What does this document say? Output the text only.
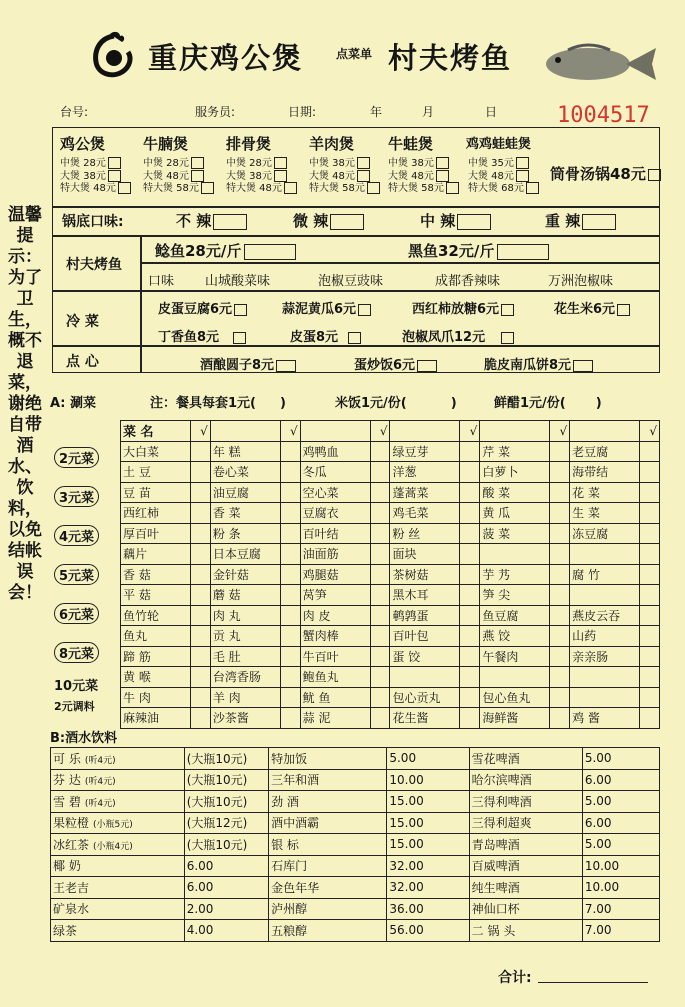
重庆鸡公煲	点菜单 村夫烤鱼
台号:	服务员:	日期:	年	月	日	1004517
温馨提示：为了卫生，概不退菜，谢绝自带酒水、饮料，以免结帐误会！
鸡公煲
中煲 28元
大煲 38元
特大煲 48元
牛腩煲
中煲 28元
大煲 48元
特大煲 58元
排骨煲
中煲 28元
大煲 38元
特大煲 48元
羊肉煲
中煲 38元
大煲 48元
特大煲 58元
牛蛙煲
中煲 38元
大煲 48元
特大煲 58元
鸡鸡蛙蛙煲
中煲 35元
大煲 48元
特大煲 68元
筒骨汤锅48元
锅底口味:	不 辣	微 辣	中 辣	重 辣
村夫烤鱼
鲶鱼28元/斤	黑鱼32元/斤
口味 山城酸菜味	泡椒豆豉味	成都香辣味	万洲泡椒味
冷 菜
皮蛋豆腐6元	蒜泥黄瓜6元	西红柿放糖6元	花生米6元
丁香鱼8元	皮蛋8元	泡椒凤爪12元
点 心	酒酿圆子8元	蛋炒饭6元	脆皮南瓜饼8元
A: 涮菜	注：餐具每套1元( )	米饭1元/份(	)	鲜醋1元/份( )
菜 名	√		√		√		√		√		√
大白菜		年 糕		鸡鸭血		绿豆芽		芹 菜		老豆腐	
土 豆		卷心菜		冬瓜		洋葱		白萝卜		海带结	
豆 苗		油豆腐		空心菜		蓬蒿菜		酸 菜		花 菜	
西红柿		香 菜		豆腐衣		鸡毛菜		黄 瓜		生 菜	
厚百叶		粉 条		百叶结		粉 丝		菠 菜		冻豆腐	
藕片		日本豆腐		油面筋		面块					
香 菇		金针菇		鸡腿菇		茶树菇		芋 艿		腐 竹	
平 菇		蘑 菇		莴笋		黑木耳		笋 尖			
鱼竹轮		肉 丸		肉 皮		鹌鹑蛋		鱼豆腐		燕皮云吞	
鱼丸		贡 丸		蟹肉棒		百叶包		燕 饺		山药	
蹄 筋		毛 肚		牛百叶		蛋 饺		午餐肉		亲亲肠	
黄 喉		台湾香肠		鲍鱼丸							
牛 肉		羊 肉		鱿 鱼		包心贡丸		包心鱼丸			
麻辣油		沙茶酱		蒜 泥		花生酱		海鲜酱		鸡 酱	
2元菜
3元菜
4元菜
5元菜
6元菜
8元菜
10元菜
2元调料
B:酒水饮料
可 乐 (听4元)	(大瓶10元)	特加饭	5.00	雪花啤酒	5.00
芬 达 (听4元)	(大瓶10元)	三年和酒	10.00	哈尔滨啤酒	6.00
雪 碧 (听4元)	(大瓶10元)	劲 酒	15.00	三得利啤酒	5.00
果粒橙 (小瓶5元)	(大瓶12元)	酒中酒霸	15.00	三得利超爽	6.00
冰红茶 (小瓶4元)	(大瓶10元)	银 标	15.00	青岛啤酒	5.00
椰 奶	6.00	石库门	32.00	百威啤酒	10.00
王老吉	6.00	金色年华	32.00	纯生啤酒	10.00
矿泉水	2.00	泸州醇	36.00	神仙口杯	7.00
绿茶	4.00	五粮醇	56.00	二 锅 头	7.00
合计:
